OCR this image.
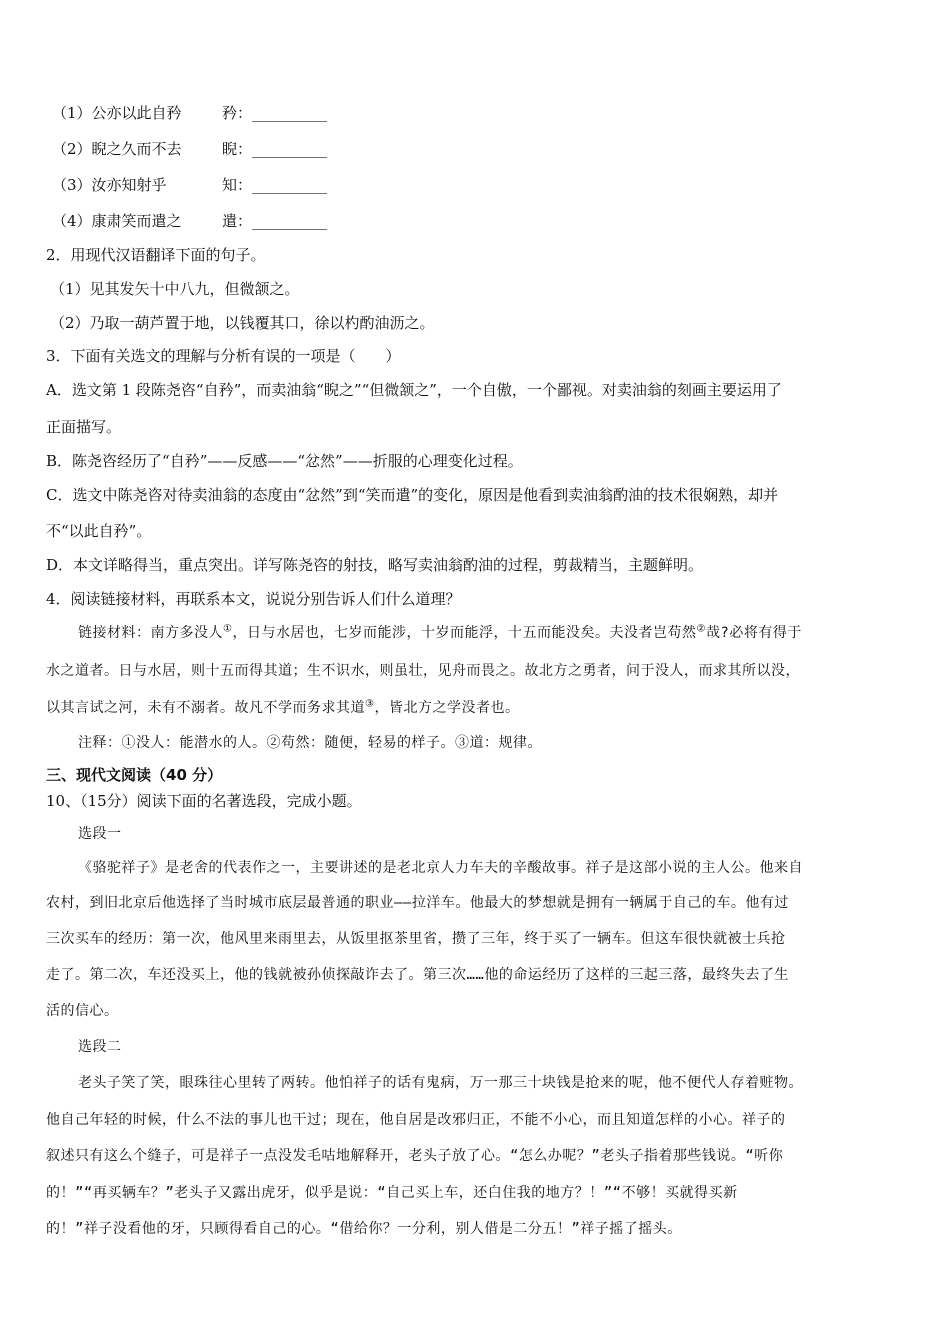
（1）公亦以此自矜	矜：__________
（2）睨之久而不去	睨：__________
（3）汝亦知射乎	知：__________
（4）康肃笑而遣之	遣：__________
2．用现代汉语翻译下面的句子。
（1）见其发矢十中八九，但微颔之。
（2）乃取一葫芦置于地，以钱覆其口，徐以杓酌油沥之。
3．下面有关选文的理解与分析有误的一项是（　　）
A．选文第 1 段陈尧咨“自矜”，而卖油翁“睨之”“但微颔之”，一个自傲，一个鄙视。对卖油翁的刻画主要运用了
正面描写。
B．陈尧咨经历了“自矜”——反感——“忿然”——折服的心理变化过程。
C．选文中陈尧咨对待卖油翁的态度由“忿然”到“笑而遣”的变化，原因是他看到卖油翁酌油的技术很娴熟，却并
不“以此自矜”。
D．本文详略得当，重点突出。详写陈尧咨的射技，略写卖油翁酌油的过程，剪裁精当，主题鲜明。
4．阅读链接材料，再联系本文，说说分别告诉人们什么道理？
链接材料：南方多没人①，日与水居也，七岁而能涉，十岁而能浮，十五而能没矣。夫没者岂苟然②哉?必将有得于
水之道者。日与水居，则十五而得其道；生不识水，则虽壮，见舟而畏之。故北方之勇者，问于没人，而求其所以没，
以其言试之河，未有不溺者。故凡不学而务求其道③，皆北方之学没者也。
注释：①没人：能潜水的人。②苟然：随便，轻易的样子。③道：规律。
三、现代文阅读（40 分）
10、（15分）阅读下面的名著选段，完成小题。
选段一
《骆驼祥子》是老舍的代表作之一，主要讲述的是老北京人力车夫的辛酸故事。祥子是这部小说的主人公。他来自
农村，到旧北京后他选择了当时城市底层最普通的职业——拉洋车。他最大的梦想就是拥有一辆属于自己的车。他有过
三次买车的经历：第一次，他风里来雨里去，从饭里抠茶里省，攒了三年，终于买了一辆车。但这车很快就被士兵抢
走了。第二次，车还没买上，他的钱就被孙侦探敲诈去了。第三次……他的命运经历了这样的三起三落，最终失去了生
活的信心。
选段二
老头子笑了笑，眼珠往心里转了两转。他怕祥子的话有鬼病，万一那三十块钱是抢来的呢，他不便代人存着赃物。
他自己年轻的时候，什么不法的事儿也干过；现在，他自居是改邪归正，不能不小心，而且知道怎样的小心。祥子的
叙述只有这么个缝子，可是祥子一点没发毛咕地解释开，老头子放了心。“怎么办呢？”老头子指着那些钱说。“听你
的！”“再买辆车？”老头子又露出虎牙，似乎是说：“自己买上车，还白住我的地方？！”“不够！买就得买新
的！”祥子没看他的牙，只顾得看自己的心。“借给你？一分利，别人借是二分五！”祥子摇了摇头。
